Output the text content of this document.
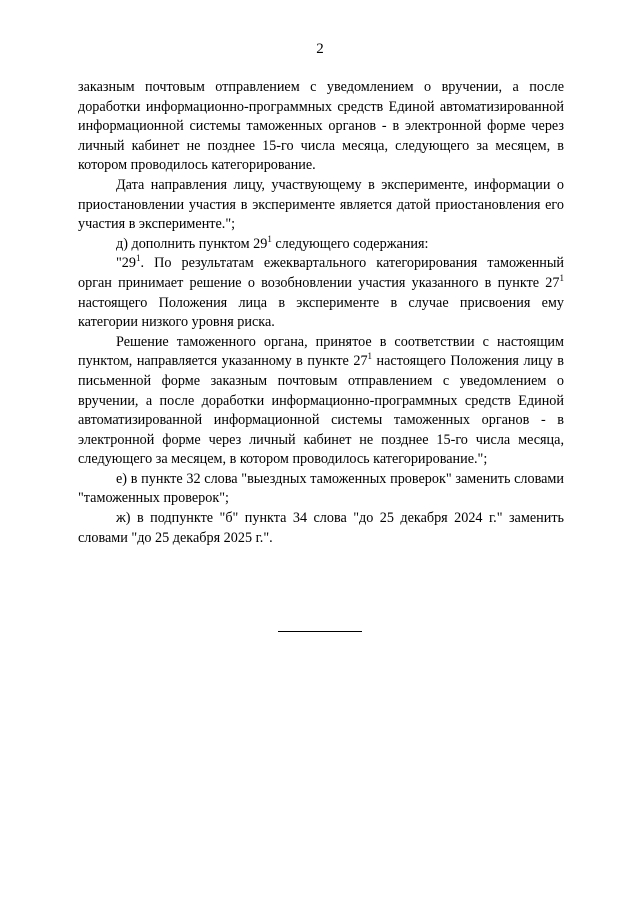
2

заказным почтовым отправлением с уведомлением о вручении, а после доработки информационно-программных средств Единой автоматизированной информационной системы таможенных органов - в электронной форме через личный кабинет не позднее 15-го числа месяца, следующего за месяцем, в котором проводилось категорирование.

Дата направления лицу, участвующему в эксперименте, информации о приостановлении участия в эксперименте является датой приостановления его участия в эксперименте.";

д) дополнить пунктом $29^1$ следующего содержания:

"$29^1$. По результатам ежеквартального категорирования таможенный орган принимает решение о возобновлении участия указанного в пункте $27^1$ настоящего Положения лица в эксперименте в случае присвоения ему категории низкого уровня риска.

Решение таможенного органа, принятое в соответствии с настоящим пунктом, направляется указанному в пункте $27^1$ настоящего Положения лицу в письменной форме заказным почтовым отправлением с уведомлением о вручении, а после доработки информационно-программных средств Единой автоматизированной информационной системы таможенных органов - в электронной форме через личный кабинет не позднее 15-го числа месяца, следующего за месяцем, в котором проводилось категорирование.";

е) в пункте 32 слова "выездных таможенных проверок" заменить словами "таможенных проверок";

ж) в подпункте "б" пункта 34 слова "до 25 декабря 2024 г." заменить словами "до 25 декабря 2025 г.".
